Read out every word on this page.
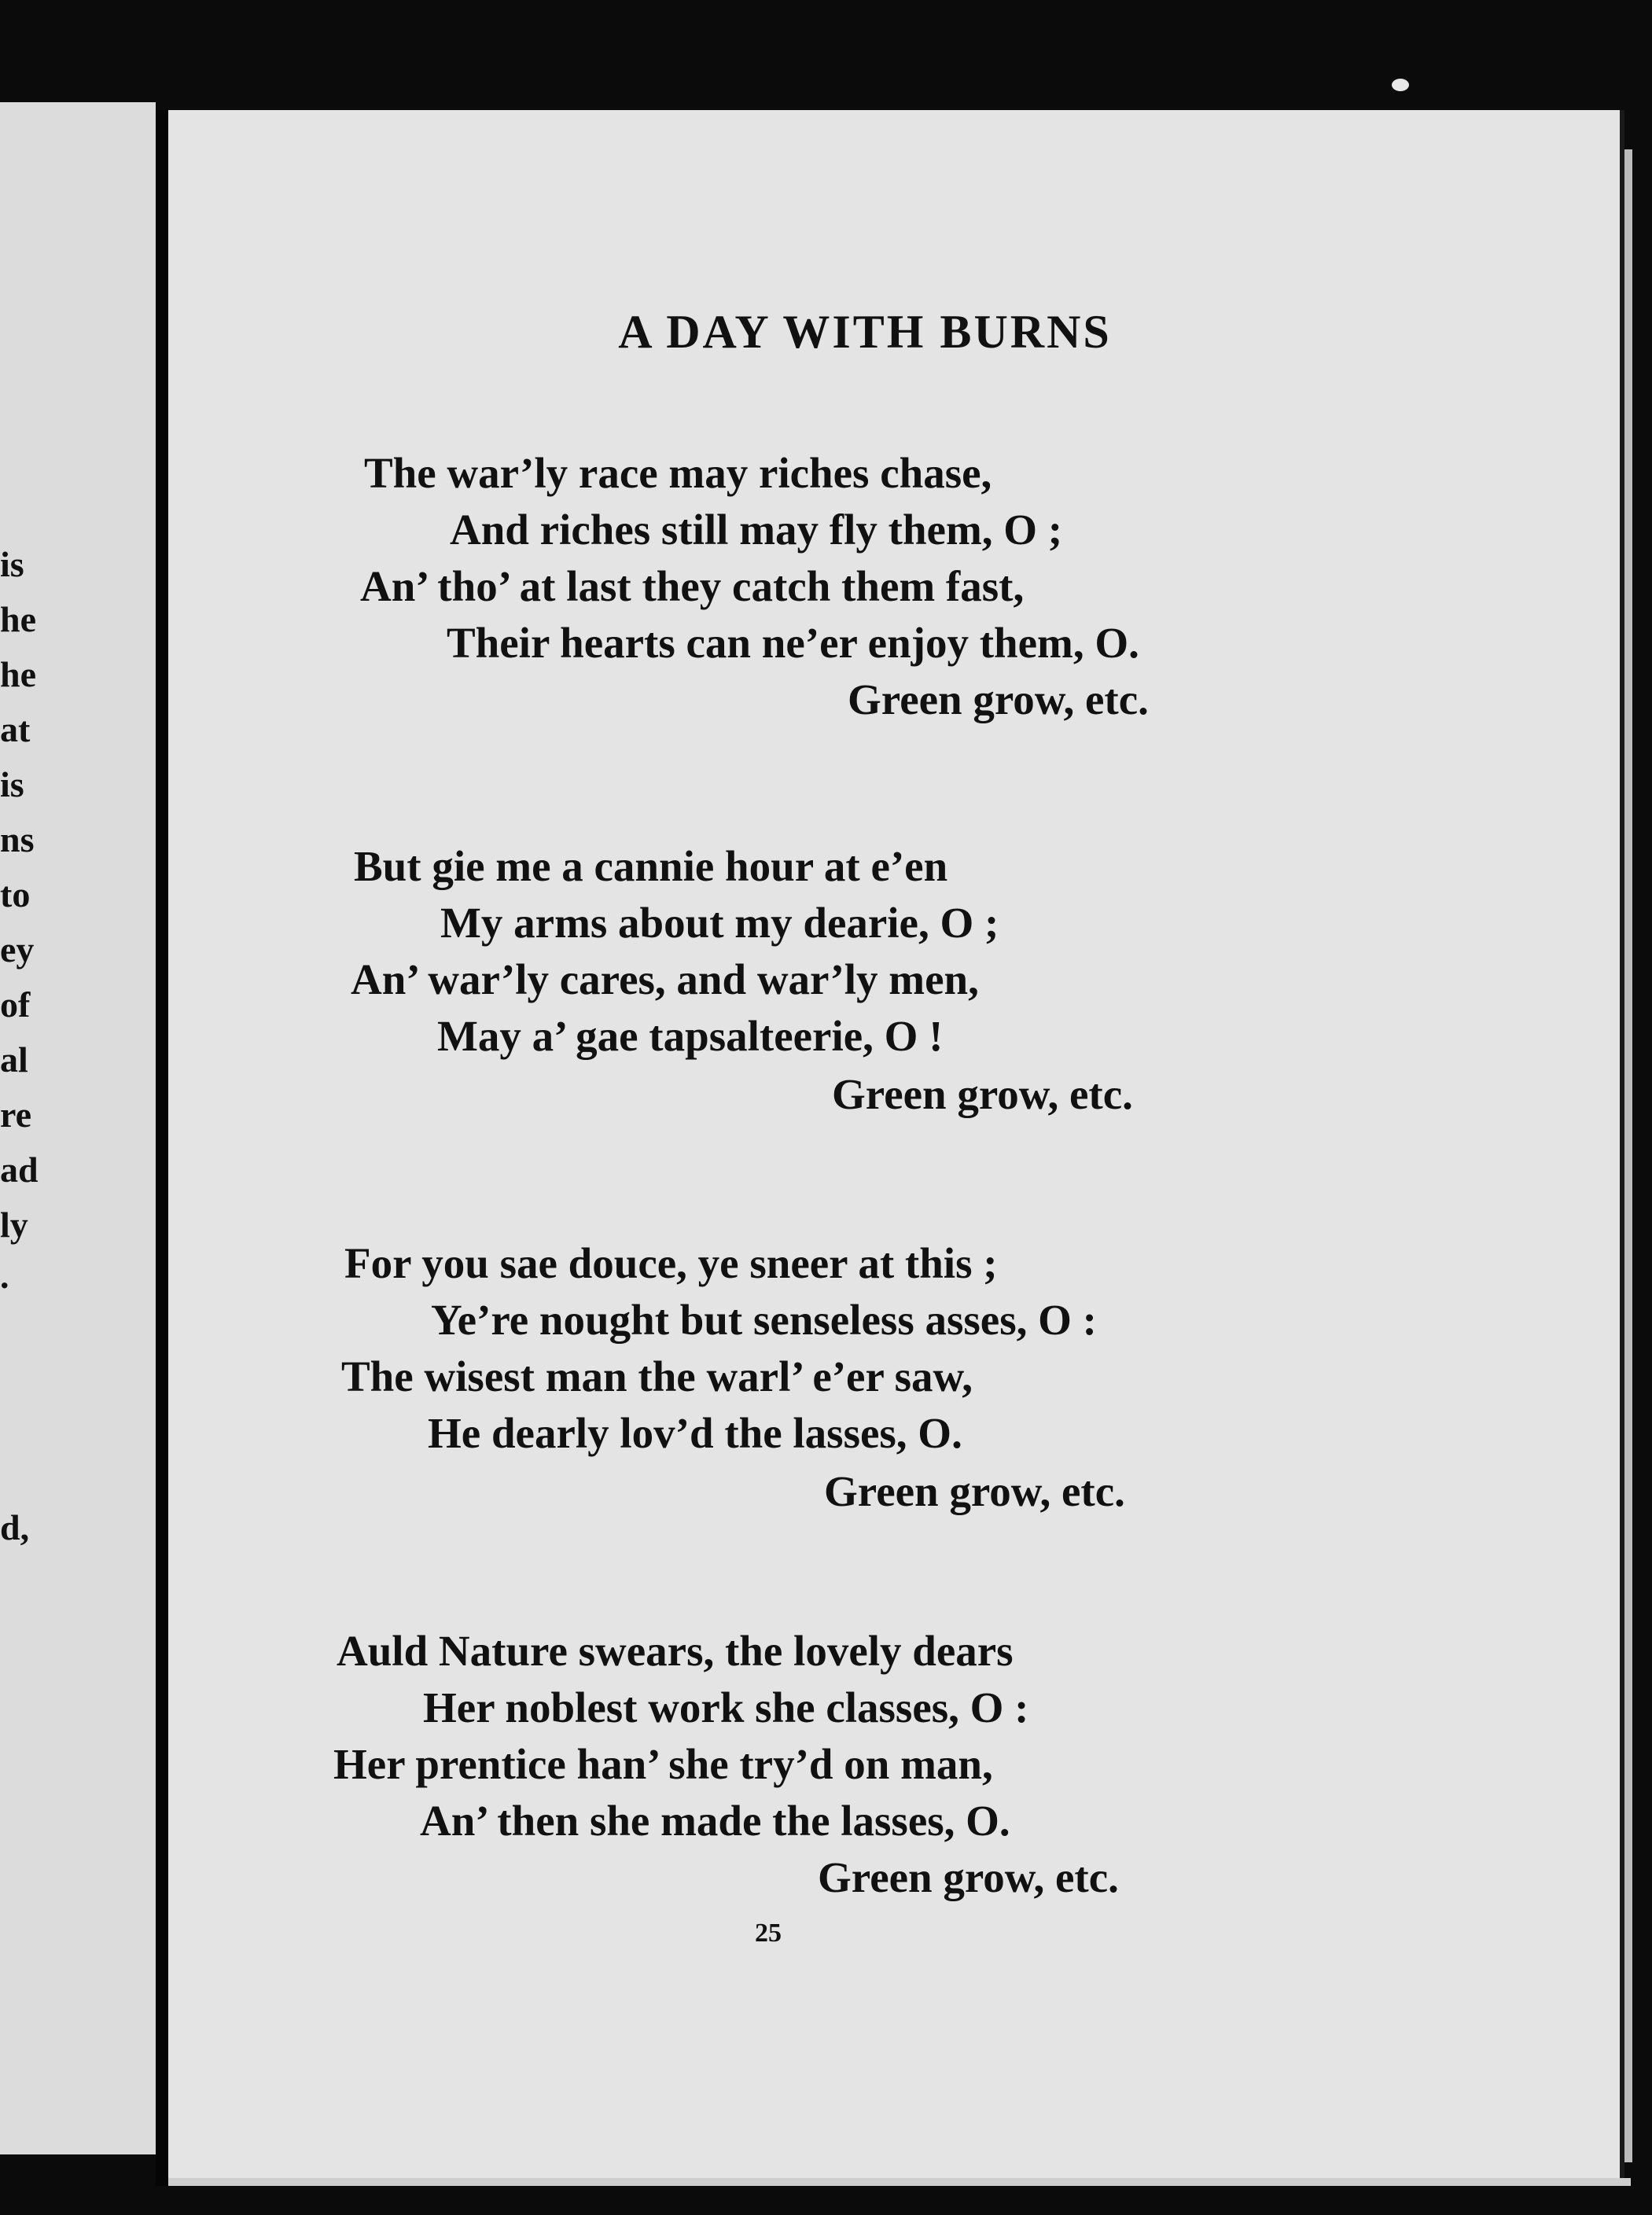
is
he
he
at
is
ns
to
ey
of
al
re
ad
ly
.
d,
A DAY WITH BURNS
The war’ly race may riches chase,
And riches still may fly them, O ;
An’ tho’ at last they catch them fast,
Their hearts can ne’er enjoy them, O.
Green grow, etc.
But gie me a cannie hour at e’en
My arms about my dearie, O ;
An’ war’ly cares, and war’ly men,
May a’ gae tapsalteerie, O !
Green grow, etc.
For you sae douce, ye sneer at this ;
Ye’re nought but senseless asses, O :
The wisest man the warl’ e’er saw,
He dearly lov’d the lasses, O.
Green grow, etc.
Auld Nature swears, the lovely dears
Her noblest work she classes, O :
Her prentice han’ she try’d on man,
An’ then she made the lasses, O.
Green grow, etc.
25
